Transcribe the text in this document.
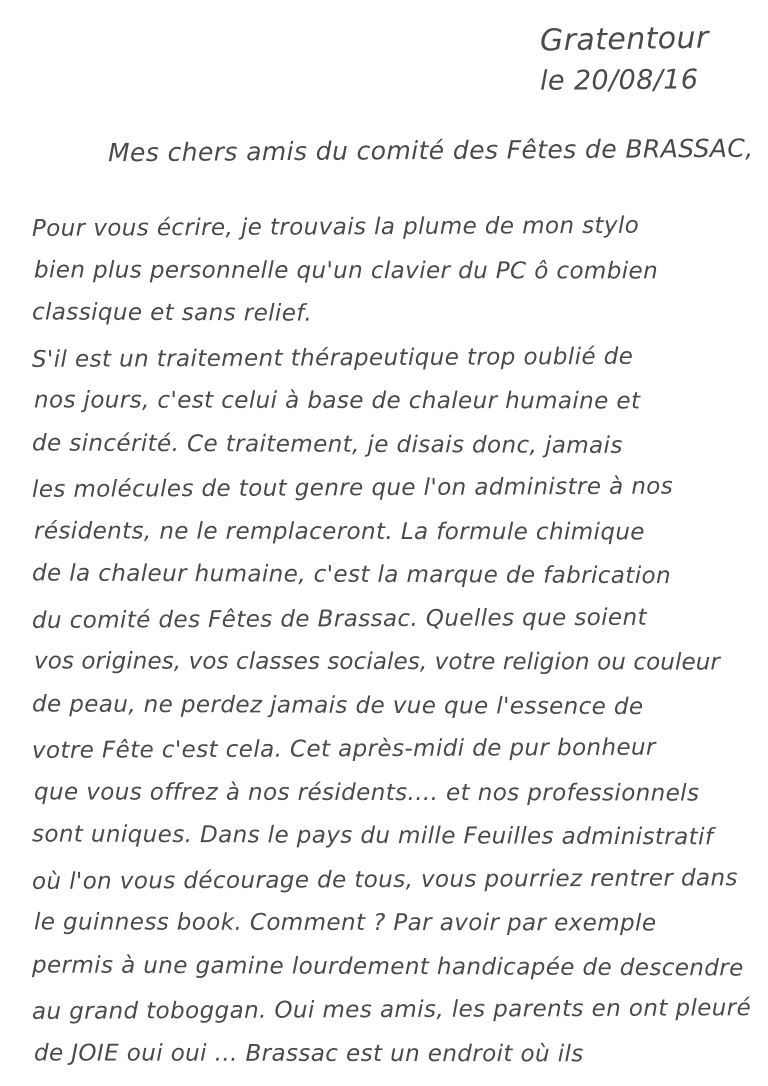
Gratentour
le 20/08/16
Mes chers amis du comité des Fêtes de BRASSAC,
Pour vous écrire, je trouvais la plume de mon stylo
bien plus personnelle qu'un clavier du PC ô combien
classique et sans relief.
S'il est un traitement thérapeutique trop oublié de
nos jours, c'est celui à base de chaleur humaine et
de sincérité. Ce traitement, je disais donc, jamais
les molécules de tout genre que l'on administre à nos
résidents, ne le remplaceront. La formule chimique
de la chaleur humaine, c'est la marque de fabrication
du comité des Fêtes de Brassac. Quelles que soient
vos origines, vos classes sociales, votre religion ou couleur
de peau, ne perdez jamais de vue que l'essence de
votre Fête c'est cela. Cet après-midi de pur bonheur
que vous offrez à nos résidents.... et nos professionnels
sont uniques. Dans le pays du mille Feuilles administratif
où l'on vous décourage de tous, vous pourriez rentrer dans
le guinness book. Comment ? Par avoir par exemple
permis à une gamine lourdement handicapée de descendre
au grand toboggan. Oui mes amis, les parents en ont pleuré
de JOIE oui oui ... Brassac est un endroit où ils
